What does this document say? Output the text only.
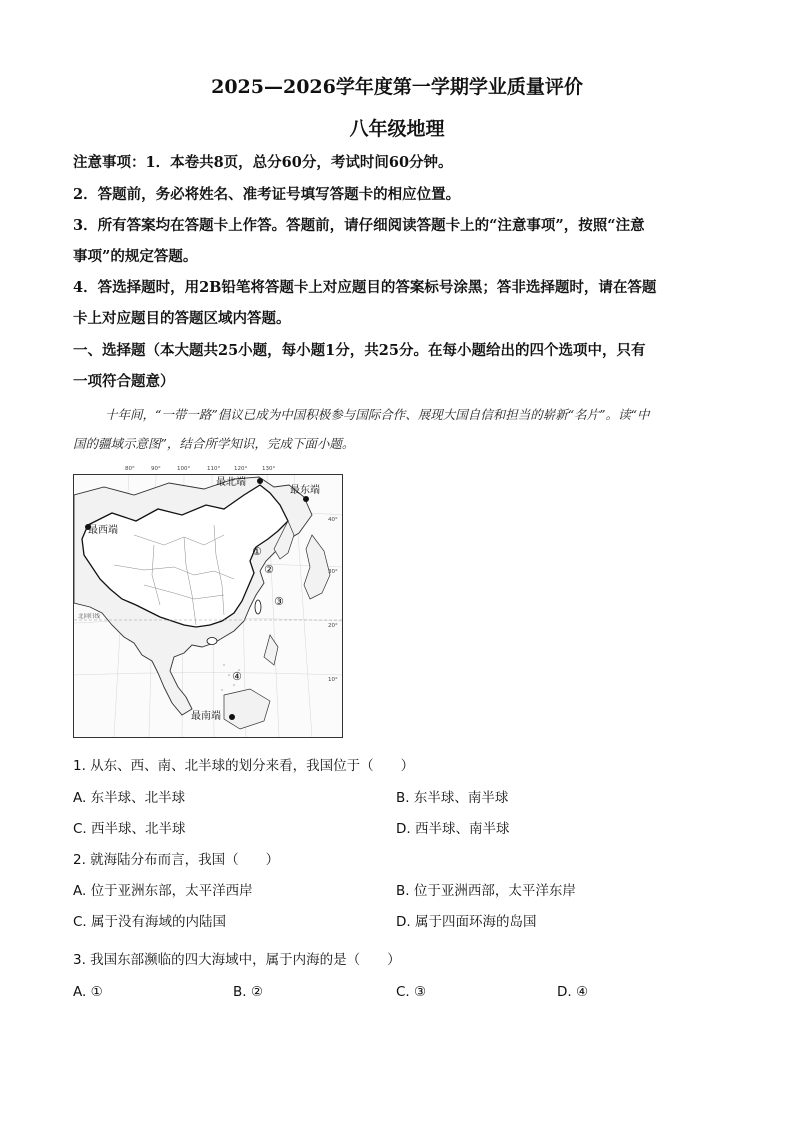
2025—2026学年度第一学期学业质量评价
八年级地理
注意事项：1．本卷共8页，总分60分，考试时间60分钟。
2．答题前，务必将姓名、准考证号填写答题卡的相应位置。
3．所有答案均在答题卡上作答。答题前，请仔细阅读答题卡上的“注意事项”，按照“注意
事项”的规定答题。
4．答选择题时，用2B铅笔将答题卡上对应题目的答案标号涂黑；答非选择题时，请在答题
卡上对应题目的答题区域内答题。
一、选择题（本大题共25小题，每小题1分，共25分。在每小题给出的四个选项中，只有
一项符合题意）
十年间，“一带一路”倡议已成为中国积极参与国际合作、展现大国自信和担当的崭新“名片”。读“中
国的疆域示意图”，结合所学知识，完成下面小题。
80°	90°	100°	110°	120°	130°
最北端
最东端
最西端
最南端
北回归线
①
②
③
④
40°
30°
20°
10°
1. 从东、西、南、北半球的划分来看，我国位于（　　）
A. 东半球、北半球	B. 东半球、南半球
C. 西半球、北半球	D. 西半球、南半球
2. 就海陆分布而言，我国（　　）
A. 位于亚洲东部，太平洋西岸	B. 位于亚洲西部，太平洋东岸
C. 属于没有海域的内陆国	D. 属于四面环海的岛国
3. 我国东部濒临的四大海域中，属于内海的是（　　）
A. ①	B. ②	C. ③	D. ④
